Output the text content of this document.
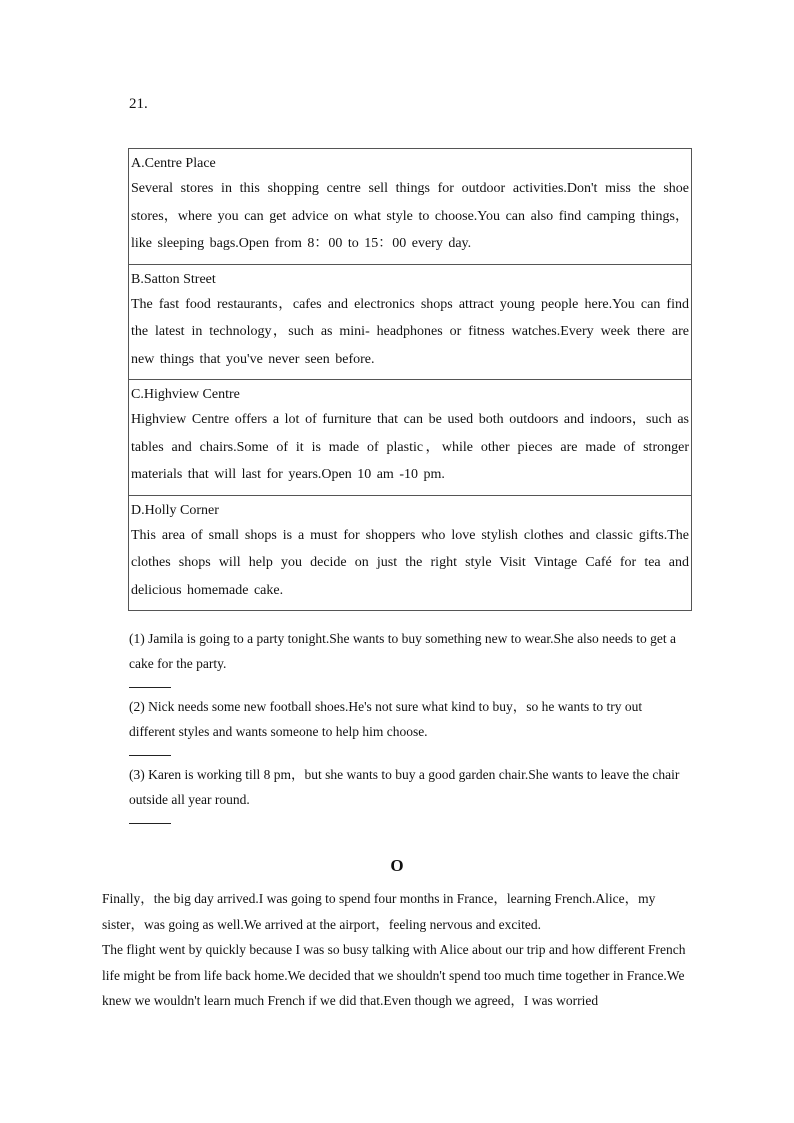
21.
A.Centre Place
Several stores in this shopping centre sell things for outdoor activities.Don't miss the shoe stores，where you can get advice on what style to choose.You can also find camping things，like sleeping bags.Open from 8：00 to 15：00 every day.

B.Satton Street
The fast food restaurants，cafes and electronics shops attract young people here.You can find the latest in technology，such as mini- headphones or fitness watches.Every week there are new things that you've never seen before.

C.Highview Centre
Highview Centre offers a lot of furniture that can be used both outdoors and indoors，such as tables and chairs.Some of it is made of plastic，while other pieces are made of stronger materials that will last for years.Open 10 am -10 pm.

D.Holly Corner
This area of small shops is a must for shoppers who love stylish clothes and classic gifts.The clothes shops will help you decide on just the right style Visit Vintage Café for tea and delicious homemade cake.
(1) Jamila is going to a party tonight.She wants to buy something new to wear.She also needs to get a cake for the party.
(2) Nick needs some new football shoes.He's not sure what kind to buy，so he wants to try out different styles and wants someone to help him choose.
(3) Karen is working till 8 pm，but she wants to buy a good garden chair.She wants to leave the chair outside all year round.
O

Finally，the big day arrived.I was going to spend four months in France，learning French.Alice，my sister，was going as well.We arrived at the airport，feeling nervous and excited.

The flight went by quickly because I was so busy talking with Alice about our trip and how different French life might be from life back home.We decided that we shouldn't spend too much time together in France.We knew we wouldn't learn much French if we did that.Even though we agreed，I was worried
